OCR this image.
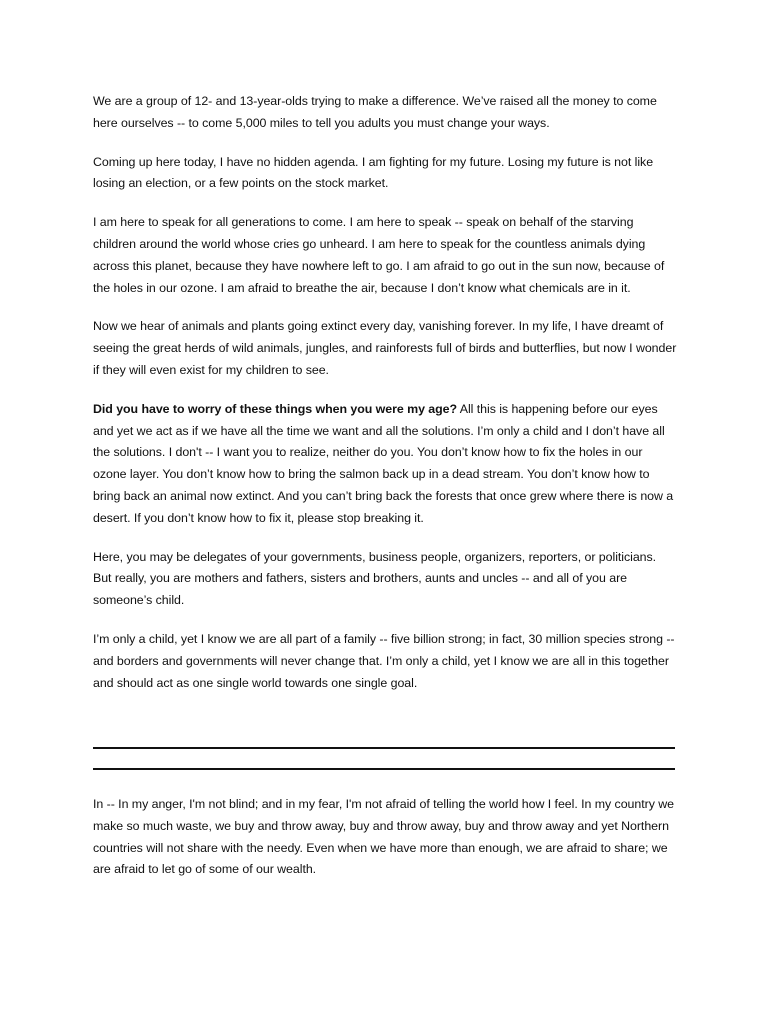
We are a group of 12- and 13-year-olds trying to make a difference. We’ve raised all the money to come here ourselves -- to come 5,000 miles to tell you adults you must change your ways.

Coming up here today, I have no hidden agenda. I am fighting for my future. Losing my future is not like losing an election, or a few points on the stock market.

I am here to speak for all generations to come. I am here to speak -- speak on behalf of the starving children around the world whose cries go unheard. I am here to speak for the countless animals dying across this planet, because they have nowhere left to go. I am afraid to go out in the sun now, because of the holes in our ozone. I am afraid to breathe the air, because I don’t know what chemicals are in it.

Now we hear of animals and plants going extinct every day, vanishing forever. In my life, I have dreamt of seeing the great herds of wild animals, jungles, and rainforests full of birds and butterflies, but now I wonder if they will even exist for my children to see.

Did you have to worry of these things when you were my age? All this is happening before our eyes and yet we act as if we have all the time we want and all the solutions. I’m only a child and I don’t have all the solutions. I don't -- I want you to realize, neither do you. You don’t know how to fix the holes in our ozone layer. You don’t know how to bring the salmon back up in a dead stream. You don’t know how to bring back an animal now extinct. And you can’t bring back the forests that once grew where there is now a desert. If you don’t know how to fix it, please stop breaking it.

Here, you may be delegates of your governments, business people, organizers, reporters, or politicians. But really, you are mothers and fathers, sisters and brothers, aunts and uncles -- and all of you are someone’s child.

I’m only a child, yet I know we are all part of a family -- five billion strong; in fact, 30 million species strong -- and borders and governments will never change that. I’m only a child, yet I know we are all in this together and should act as one single world towards one single goal.

In -- In my anger, I'm not blind; and in my fear, I'm not afraid of telling the world how I feel. In my country we make so much waste, we buy and throw away, buy and throw away, buy and throw away and yet Northern countries will not share with the needy. Even when we have more than enough, we are afraid to share; we are afraid to let go of some of our wealth.
